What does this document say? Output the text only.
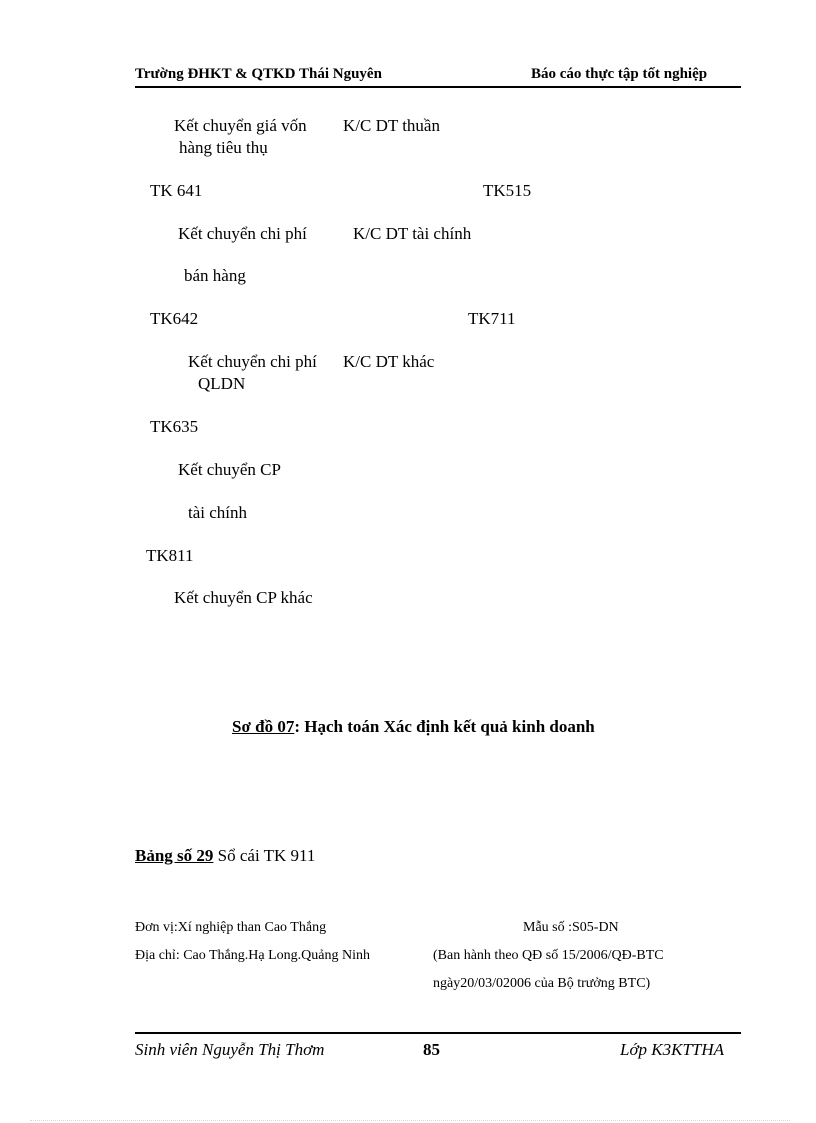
Trường ĐHKT & QTKD Thái Nguyên	Báo cáo thực tập tốt nghiệp
Kết chuyển giá vốn K/C DT thuần
hàng tiêu thụ
TK 641	TK515
Kết chuyển chi phí	K/C DT tài chính
bán hàng
TK642	TK711
Kết chuyển chi phí K/C DT khác
QLDN
TK635
Kết chuyển CP
tài chính
TK811
Kết chuyển CP khác
Sơ đồ 07: Hạch toán Xác định kết quả kinh doanh
Bảng số 29 Sổ cái TK 911
Đơn vị:Xí nghiệp than Cao Thắng	Mẫu số :S05-DN
Địa chỉ: Cao Thắng.Hạ Long.Quảng Ninh	(Ban hành theo QĐ số 15/2006/QĐ-BTC
ngày20/03/02006 của Bộ trưởng BTC)
Sinh viên Nguyễn Thị Thơm	85	Lớp K3KTTHA
